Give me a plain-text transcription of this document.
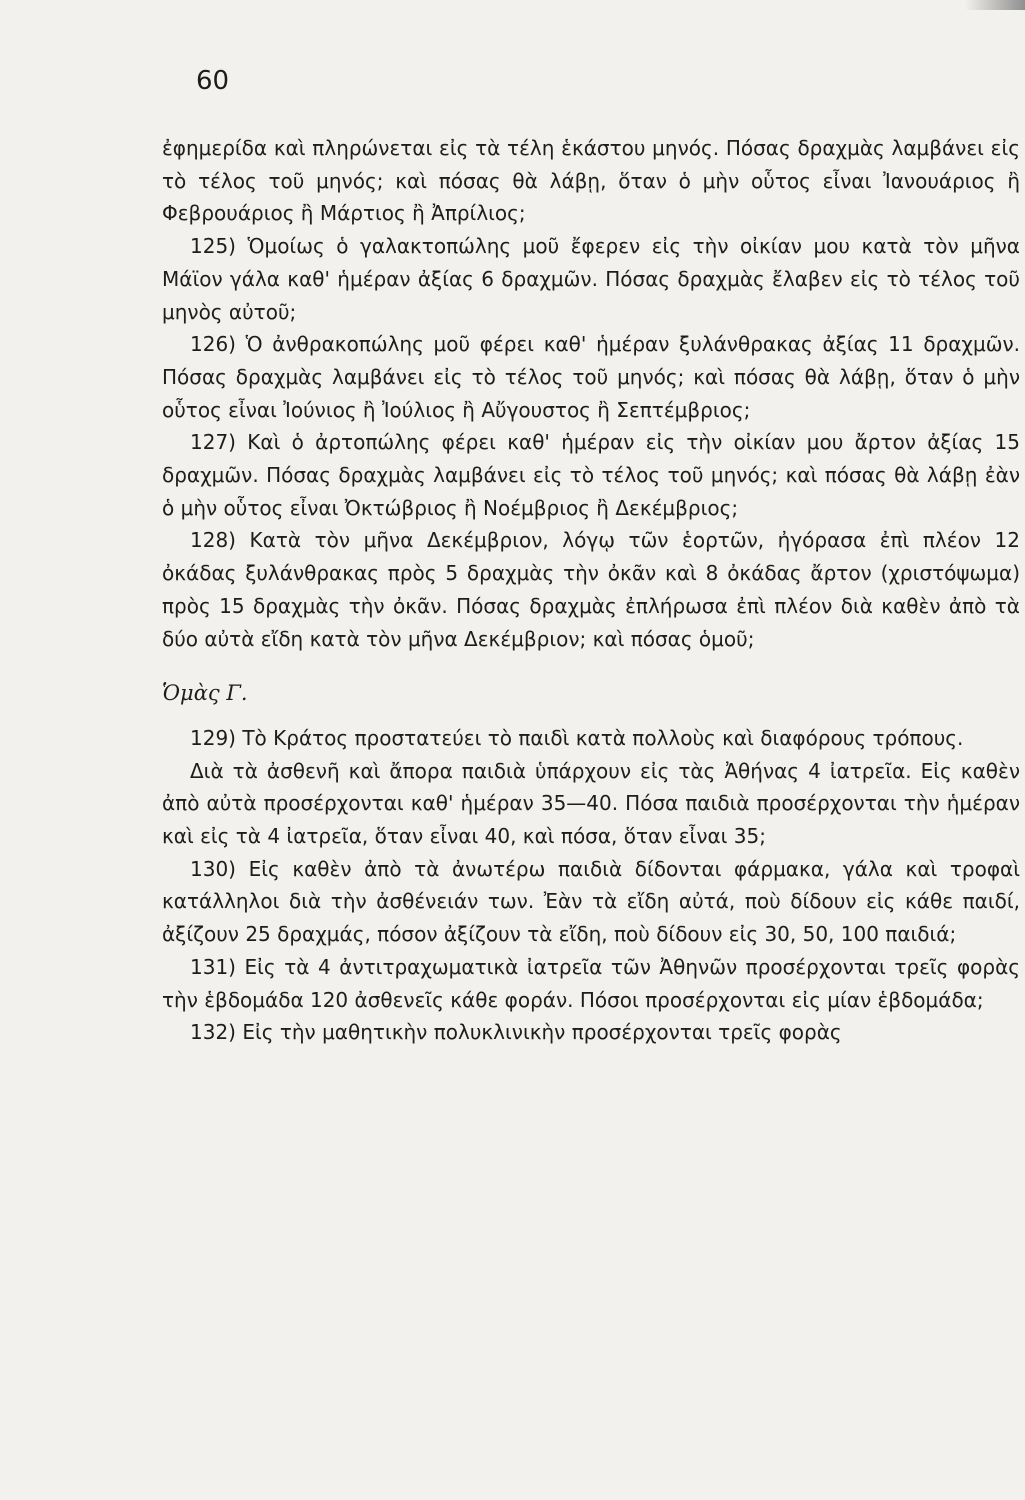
60

ἐφημερίδα καὶ πληρώνεται εἰς τὰ τέλη ἑκάστου μηνός. Πόσας δραχμὰς λαμβάνει εἰς τὸ τέλος τοῦ μηνός; καὶ πόσας θὰ λάβῃ, ὅταν ὁ μὴν οὗτος εἶναι Ἰανουάριος ἢ Φεβρουάριος ἢ Μάρτιος ἢ Ἀπρίλιος;

125) Ὁμοίως ὁ γαλακτοπώλης μοῦ ἔφερεν εἰς τὴν οἰκίαν μου κατὰ τὸν μῆνα Μάϊον γάλα καθ' ἡμέραν ἀξίας 6 δραχμῶν. Πόσας δραχμὰς ἔλαβεν εἰς τὸ τέλος τοῦ μηνὸς αὐτοῦ;

126) Ὁ ἀνθρακοπώλης μοῦ φέρει καθ' ἡμέραν ξυλάνθρακας ἀξίας 11 δραχμῶν. Πόσας δραχμὰς λαμβάνει εἰς τὸ τέλος τοῦ μηνός; καὶ πόσας θὰ λάβῃ, ὅταν ὁ μὴν οὗτος εἶναι Ἰούνιος ἢ Ἰούλιος ἢ Αὔγουστος ἢ Σεπτέμβριος;

127) Καὶ ὁ ἀρτοπώλης φέρει καθ' ἡμέραν εἰς τὴν οἰκίαν μου ἄρτον ἀξίας 15 δραχμῶν. Πόσας δραχμὰς λαμβάνει εἰς τὸ τέλος τοῦ μηνός; καὶ πόσας θὰ λάβῃ ἐὰν ὁ μὴν οὗτος εἶναι Ὀκτώβριος ἢ Νοέμβριος ἢ Δεκέμβριος;

128) Κατὰ τὸν μῆνα Δεκέμβριον, λόγῳ τῶν ἑορτῶν, ἠγόρασα ἐπὶ πλέον 12 ὀκάδας ξυλάνθρακας πρὸς 5 δραχμὰς τὴν ὀκᾶν καὶ 8 ὀκάδας ἄρτον (χριστόψωμα) πρὸς 15 δραχμὰς τὴν ὀκᾶν. Πόσας δραχμὰς ἐπλήρωσα ἐπὶ πλέον διὰ καθὲν ἀπὸ τὰ δύο αὐτὰ εἴδη κατὰ τὸν μῆνα Δεκέμβριον; καὶ πόσας ὁμοῦ;

Ὁμὰς Γ.

129) Τὸ Κράτος προστατεύει τὸ παιδὶ κατὰ πολλοὺς καὶ διαφόρους τρόπους.

Διὰ τὰ ἀσθενῆ καὶ ἄπορα παιδιὰ ὑπάρχουν εἰς τὰς Ἀθήνας 4 ἰατρεῖα. Εἰς καθὲν ἀπὸ αὐτὰ προσέρχονται καθ' ἡμέραν 35—40. Πόσα παιδιὰ προσέρχονται τὴν ἡμέραν καὶ εἰς τὰ 4 ἰατρεῖα, ὅταν εἶναι 40, καὶ πόσα, ὅταν εἶναι 35;

130) Εἰς καθὲν ἀπὸ τὰ ἀνωτέρω παιδιὰ δίδονται φάρμακα, γάλα καὶ τροφαὶ κατάλληλοι διὰ τὴν ἀσθένειάν των. Ἐὰν τὰ εἴδη αὐτά, ποὺ δίδουν εἰς κάθε παιδί, ἀξίζουν 25 δραχμάς, πόσον ἀξίζουν τὰ εἴδη, ποὺ δίδουν εἰς 30, 50, 100 παιδιά;

131) Εἰς τὰ 4 ἀντιτραχωματικὰ ἰατρεῖα τῶν Ἀθηνῶν προσέρχονται τρεῖς φορὰς τὴν ἑβδομάδα 120 ἀσθενεῖς κάθε φοράν. Πόσοι προσέρχονται εἰς μίαν ἑβδομάδα;

132) Εἰς τὴν μαθητικὴν πολυκλινικὴν προσέρχονται τρεῖς φορὰς
